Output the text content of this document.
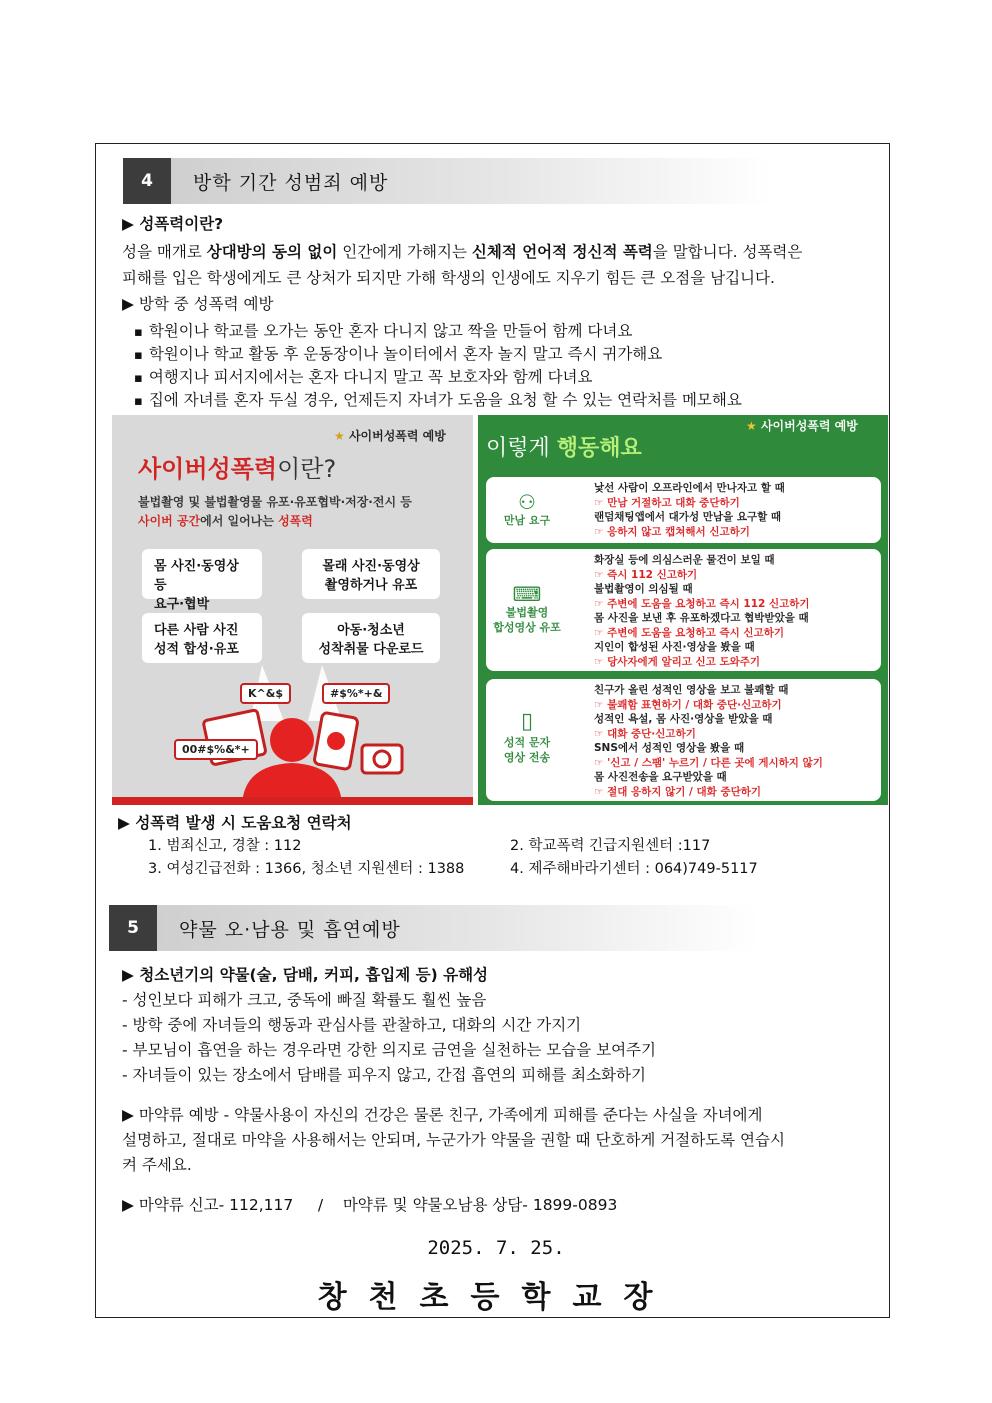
4	방학 기간 성범죄 예방
▶ 성폭력이란?
성을 매개로 상대방의 동의 없이 인간에게 가해지는 신체적 언어적 정신적 폭력을 말합니다. 성폭력은
피해를 입은 학생에게도 큰 상처가 되지만 가해 학생의 인생에도 지우기 힘든 큰 오점을 남깁니다.
▶ 방학 중 성폭력 예방
▪ 학원이나 학교를 오가는 동안 혼자 다니지 않고 짝을 만들어 함께 다녀요
▪ 학원이나 학교 활동 후 운동장이나 놀이터에서 혼자 놀지 말고 즉시 귀가해요
▪ 여행지나 피서지에서는 혼자 다니지 말고 꼭 보호자와 함께 다녀요
▪ 집에 자녀를 혼자 두실 경우, 언제든지 자녀가 도움을 요청 할 수 있는 연락처를 메모해요
★ 사이버성폭력 예방
사이버성폭력이란?
불법촬영 및 불법촬영물 유포·유포협박·저장·전시 등
사이버 공간에서 일어나는 성폭력
몸 사진·동영상 등
요구·협박
몰래 사진·동영상
촬영하거나 유포
다른 사람 사진
성적 합성·유포
아동·청소년
성착취물 다운로드
K^&$	#$%*+&
00#$%&*+
★ 사이버성폭력 예방
이렇게 행동해요
⚇
만남 요구
낯선 사람이 오프라인에서 만나자고 할 때
☞ 만남 거절하고 대화 중단하기
랜덤채팅앱에서 대가성 만남을 요구할 때
☞ 응하지 않고 캡쳐해서 신고하기
⌨
불법촬영
합성영상 유포
화장실 등에 의심스러운 물건이 보일 때
☞ 즉시 112 신고하기
불법촬영이 의심될 때
☞ 주변에 도움을 요청하고 즉시 112 신고하기
몸 사진을 보낸 후 유포하겠다고 협박받았을 때
☞ 주변에 도움을 요청하고 즉시 신고하기
지인이 합성된 사진·영상을 봤을 때
☞ 당사자에게 알리고 신고 도와주기
▯
성적 문자
영상 전송
친구가 올린 성적인 영상을 보고 불쾌할 때
☞ 불쾌함 표현하기 / 대화 중단·신고하기
성적인 욕설, 몸 사진·영상을 받았을 때
☞ 대화 중단·신고하기
SNS에서 성적인 영상을 봤을 때
☞ '신고 / 스팸' 누르기 / 다른 곳에 게시하지 않기
몸 사진전송을 요구받았을 때
☞ 절대 응하지 않기 / 대화 중단하기
▶ 성폭력 발생 시 도움요청 연락처
1. 범죄신고, 경찰 : 112	2. 학교폭력 긴급지원센터 :117
3. 여성긴급전화 : 1366, 청소년 지원센터 : 1388	4. 제주해바라기센터 : 064)749-5117
5	약물 오·남용 및 흡연예방
▶ 청소년기의 약물(술, 담배, 커피, 흡입제 등) 유해성
- 성인보다 피해가 크고, 중독에 빠질 확률도 훨씬 높음
- 방학 중에 자녀들의 행동과 관심사를 관찰하고, 대화의 시간 가지기
- 부모님이 흡연을 하는 경우라면 강한 의지로 금연을 실천하는 모습을 보여주기
- 자녀들이 있는 장소에서 담배를 피우지 않고, 간접 흡연의 피해를 최소화하기
▶ 마약류 예방 - 약물사용이 자신의 건강은 물론 친구, 가족에게 피해를 준다는 사실을 자녀에게
설명하고, 절대로 마약을 사용해서는 안되며, 누군가가 약물을 권할 때 단호하게 거절하도록 연습시
켜 주세요.
▶ 마약류 신고- 112,117     /    마약류 및 약물오남용 상담- 1899-0893
2025. 7. 25.
창천초등학교장
